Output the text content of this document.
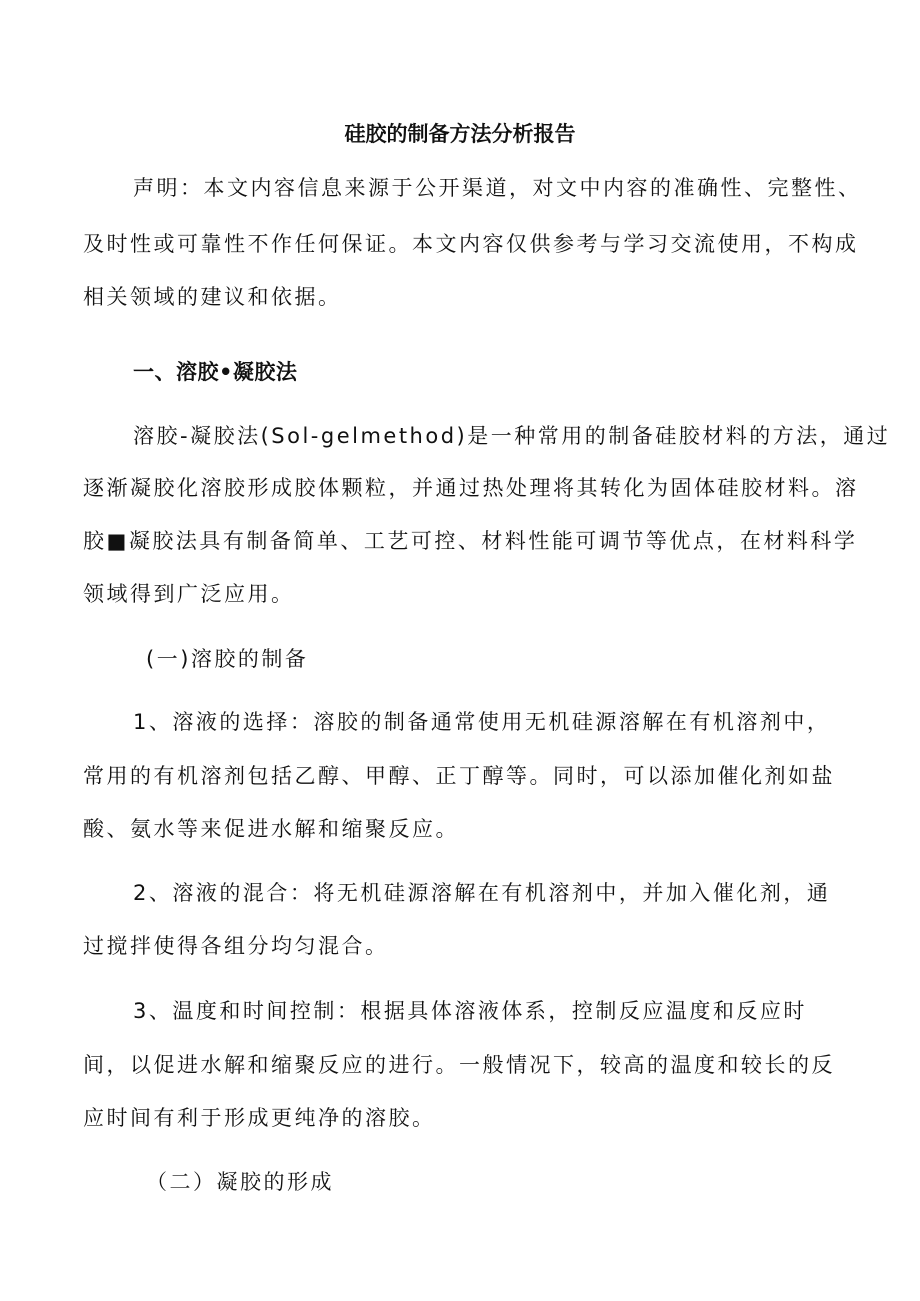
硅胶的制备方法分析报告
声明：本文内容信息来源于公开渠道，对文中内容的准确性、完整性、
及时性或可靠性不作任何保证。本文内容仅供参考与学习交流使用，不构成
相关领域的建议和依据。
一、溶胶•凝胶法
溶胶-凝胶法(Sol-gelmethod)是一种常用的制备硅胶材料的方法，通过
逐渐凝胶化溶胶形成胶体颗粒，并通过热处理将其转化为固体硅胶材料。溶
胶■凝胶法具有制备简单、工艺可控、材料性能可调节等优点，在材料科学
领域得到广泛应用。
(一)溶胶的制备
1、溶液的选择：溶胶的制备通常使用无机硅源溶解在有机溶剂中，
常用的有机溶剂包括乙醇、甲醇、正丁醇等。同时，可以添加催化剂如盐
酸、氨水等来促进水解和缩聚反应。
2、溶液的混合：将无机硅源溶解在有机溶剂中，并加入催化剂，通
过搅拌使得各组分均匀混合。
3、温度和时间控制：根据具体溶液体系，控制反应温度和反应时
间，以促进水解和缩聚反应的进行。一般情况下，较高的温度和较长的反
应时间有利于形成更纯净的溶胶。
（二）凝胶的形成
